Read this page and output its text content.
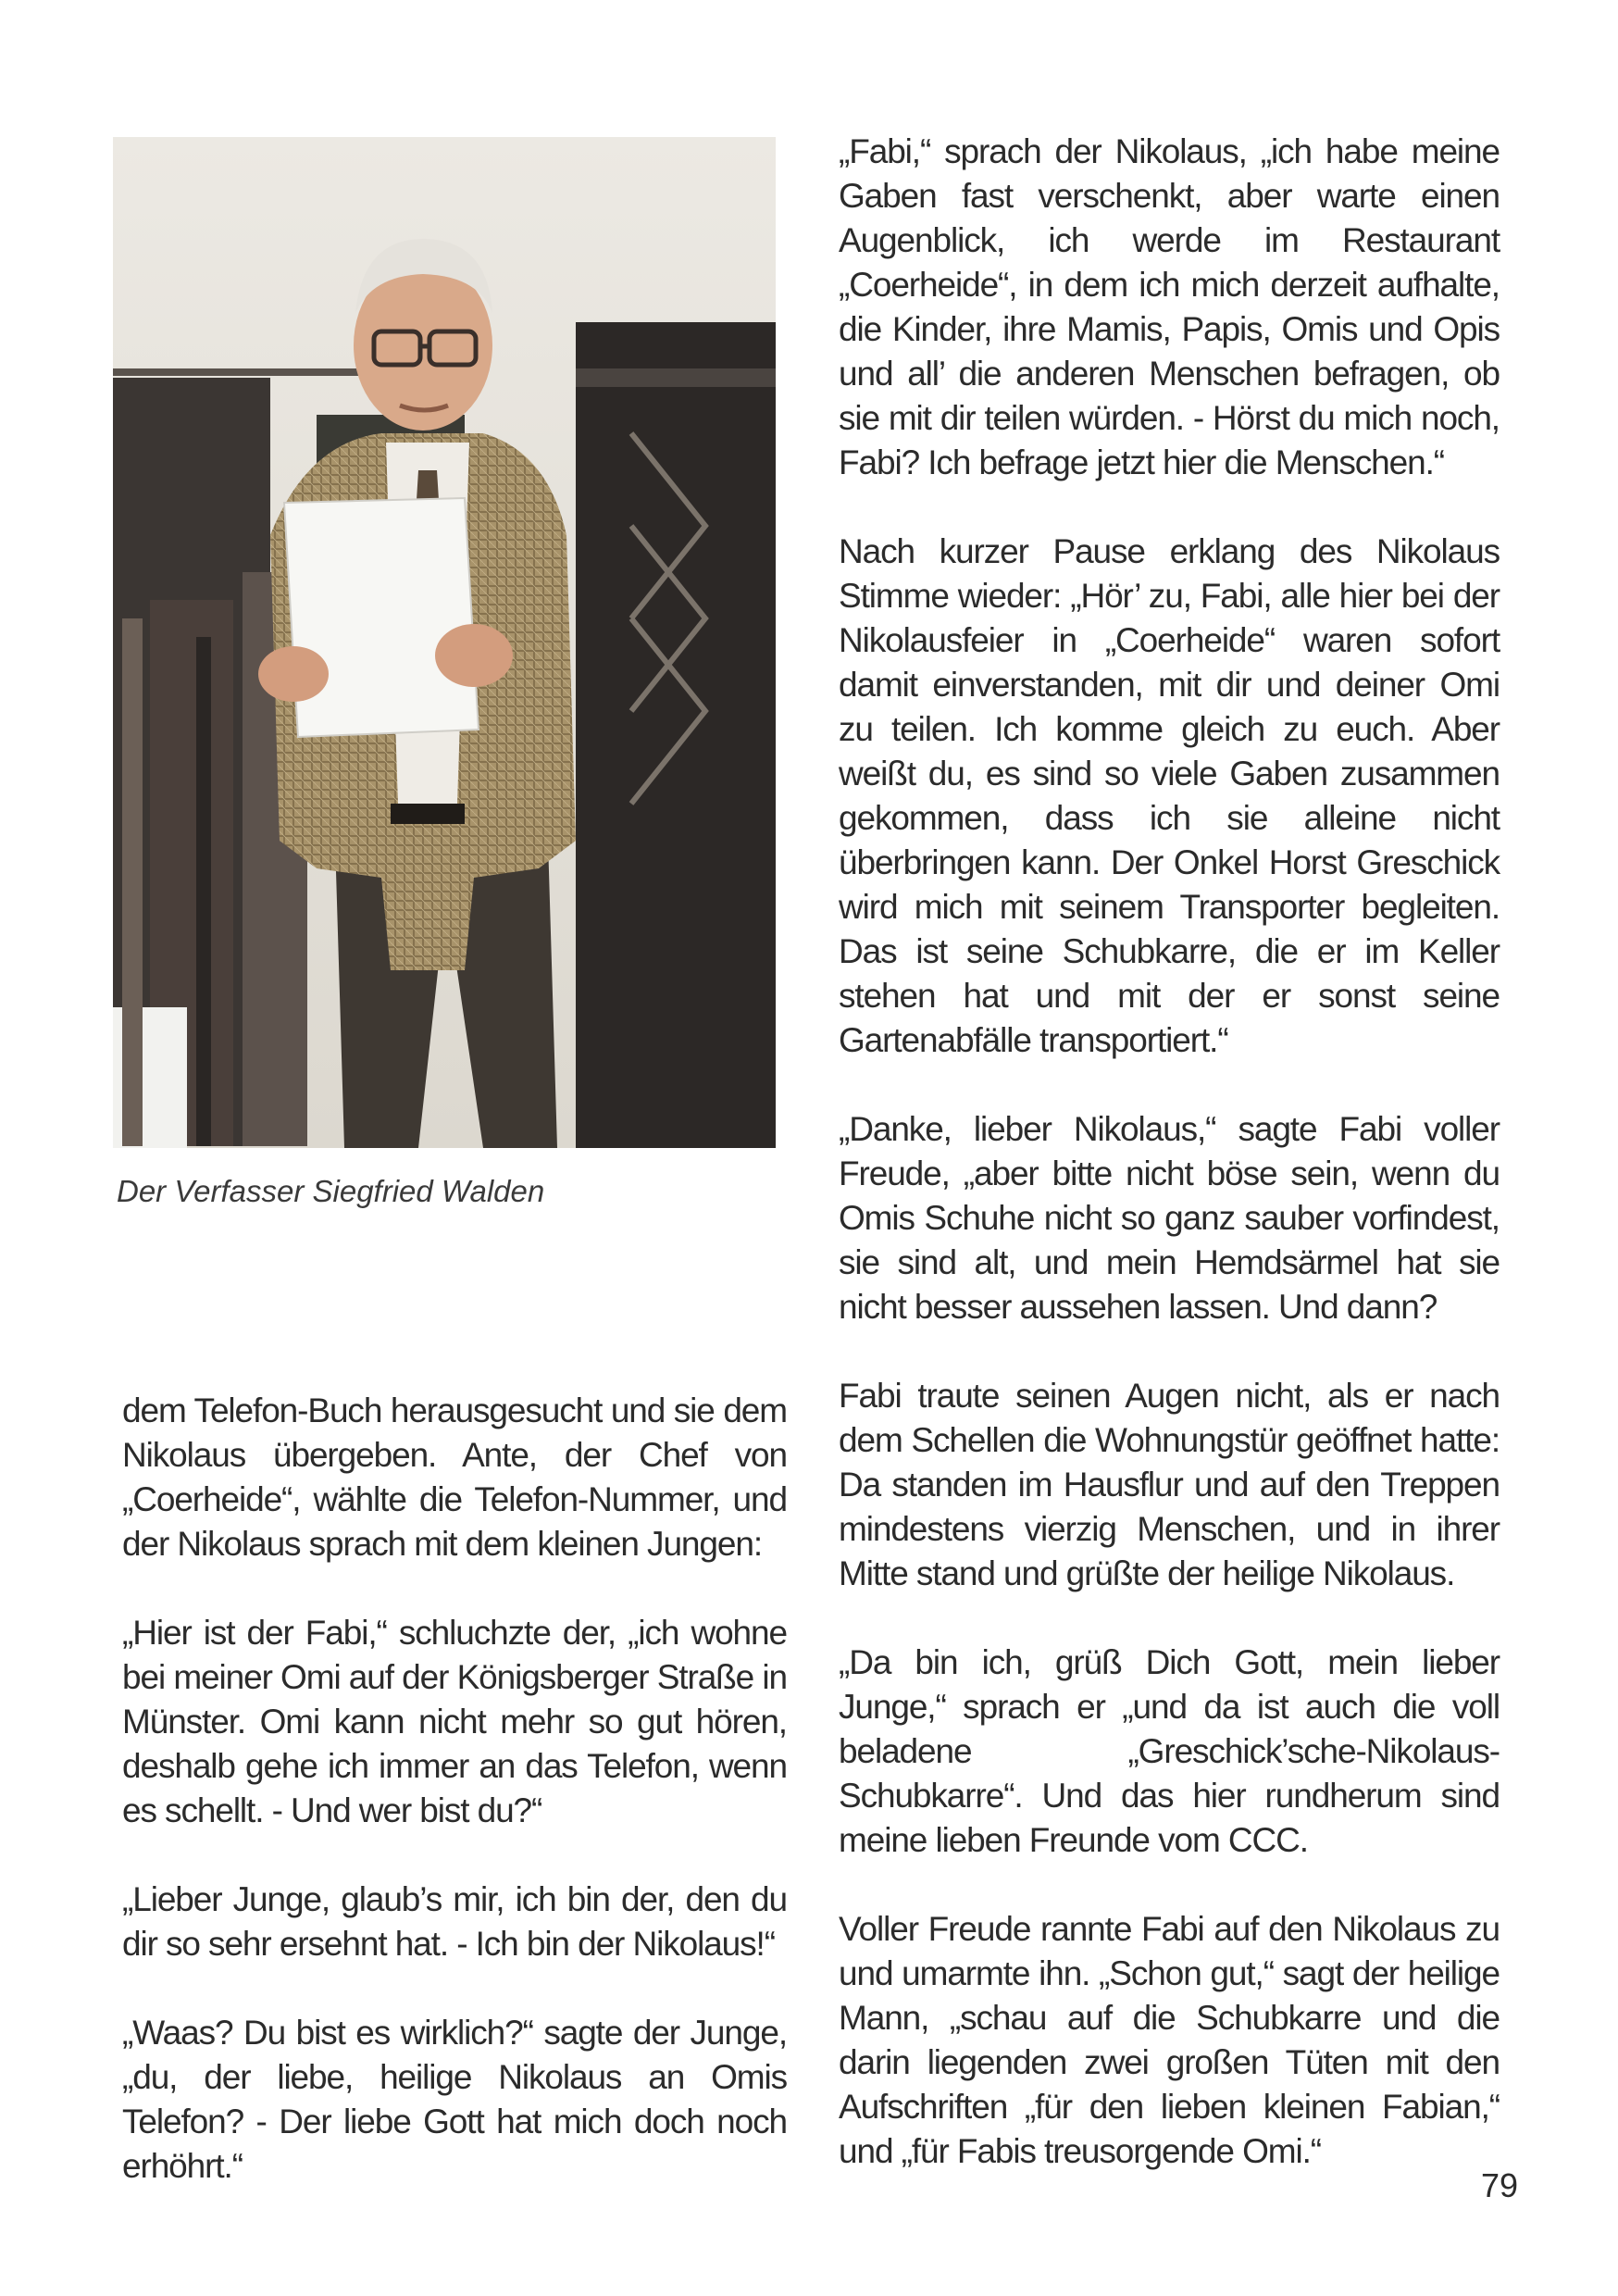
Der Verfasser Siegfried Walden

dem Telefon-Buch herausgesucht und sie dem Nikolaus übergeben. Ante, der Chef von „Coerheide“, wählte die Telefon-Nummer, und der Nikolaus sprach mit dem kleinen Jungen:

„Hier ist der Fabi,“ schluchzte der, „ich wohne bei meiner Omi auf der Königsberger Straße in Münster. Omi kann nicht mehr so gut hören, deshalb gehe ich immer an das Telefon, wenn es schellt. - Und wer bist du?“

„Lieber Junge, glaub’s mir, ich bin der, den du dir so sehr ersehnt hat. - Ich bin der Nikolaus!“

„Waas? Du bist es wirklich?“ sagte der Junge, „du, der liebe, heilige Nikolaus an Omis Telefon? - Der liebe Gott hat mich doch noch erhöhrt.“

„Fabi,“ sprach der Nikolaus, „ich habe meine Gaben fast verschenkt, aber warte einen Augenblick, ich werde im Restaurant „Coerheide“, in dem ich mich derzeit aufhalte, die Kinder, ihre Mamis, Papis, Omis und Opis und all’ die anderen Menschen befragen, ob sie mit dir teilen würden. - Hörst du mich noch, Fabi? Ich befrage jetzt hier die Menschen.“

Nach kurzer Pause erklang des Nikolaus Stimme wieder: „Hör’ zu, Fabi, alle hier bei der Nikolausfeier in „Coerheide“ waren sofort damit einverstanden, mit dir und deiner Omi zu teilen. Ich komme gleich zu euch. Aber weißt du, es sind so viele Gaben zusammen gekommen, dass ich sie alleine nicht überbringen kann. Der Onkel Horst Greschick wird mich mit seinem Transporter begleiten. Das ist seine Schubkarre, die er im Keller stehen hat und mit der er sonst seine Gartenabfälle transportiert.“

„Danke, lieber Nikolaus,“ sagte Fabi voller Freude, „aber bitte nicht böse sein, wenn du Omis Schuhe nicht so ganz sauber vorfindest, sie sind alt, und mein Hemdsärmel hat sie nicht besser aussehen lassen. Und dann?

Fabi traute seinen Augen nicht, als er nach dem Schellen die Wohnungstür geöffnet hatte: Da standen im Hausflur und auf den Treppen mindestens vierzig Menschen, und in ihrer Mitte stand und grüßte der heilige Nikolaus.

„Da bin ich, grüß Dich Gott, mein lieber Junge,“ sprach er „und da ist auch die voll beladene „Greschick’sche-Nikolaus-Schubkarre“. Und das hier rundherum sind meine lieben Freunde vom CCC.

Voller Freude rannte Fabi auf den Nikolaus zu und umarmte ihn. „Schon gut,“ sagt der heilige Mann, „schau auf die Schubkarre und die darin liegenden zwei großen Tüten mit den Aufschriften „für den lieben kleinen Fabian,“ und „für Fabis treusorgende Omi.“

79
